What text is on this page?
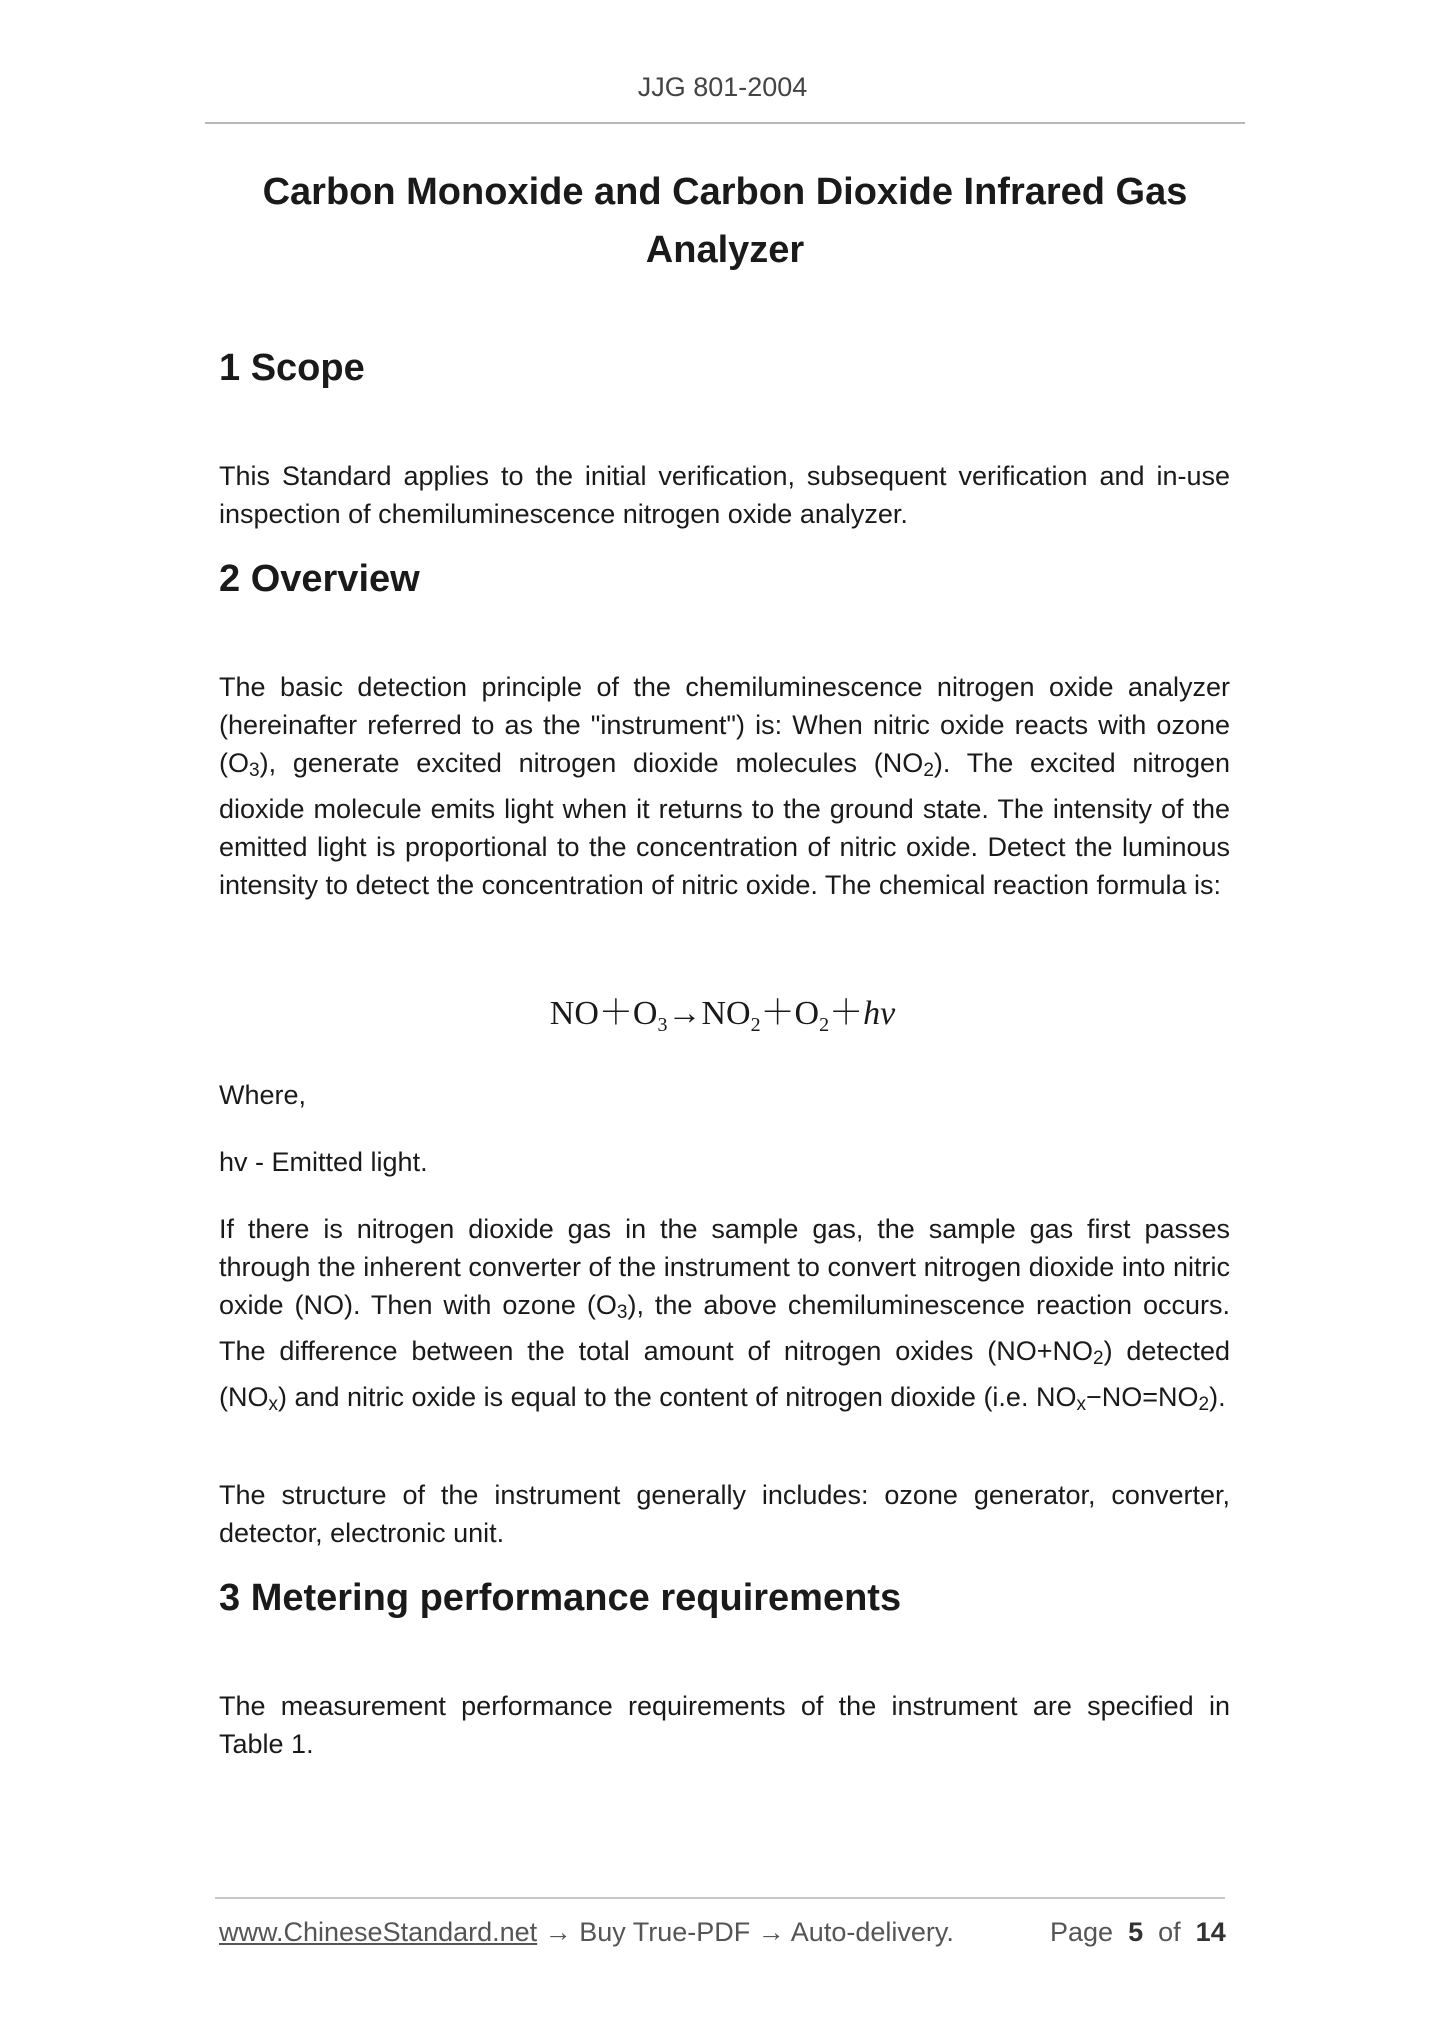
JJG 801-2004
Carbon Monoxide and Carbon Dioxide Infrared Gas
Analyzer
1 Scope

This Standard applies to the initial verification, subsequent verification and in-use inspection of chemiluminescence nitrogen oxide analyzer.

2 Overview

The basic detection principle of the chemiluminescence nitrogen oxide analyzer (hereinafter referred to as the "instrument") is: When nitric oxide reacts with ozone $(O_3)$, generate excited nitrogen dioxide molecules $(NO_2)$. The excited nitrogen dioxide molecule emits light when it returns to the ground state. The intensity of the emitted light is proportional to the concentration of nitric oxide. Detect the luminous intensity to detect the concentration of nitric oxide. The chemical reaction formula is:

$NO+O_3\to NO_2+O_2+h\nu$

Where,

hv - Emitted light.

If there is nitrogen dioxide gas in the sample gas, the sample gas first passes through the inherent converter of the instrument to convert nitrogen dioxide into nitric oxide (NO). Then with ozone $(O_3)$, the above chemiluminescence reaction occurs. The difference between the total amount of nitrogen oxides $(NO+NO_2)$ detected $(NO_x)$ and nitric oxide is equal to the content of nitrogen dioxide (i.e. $NO_x-NO=NO_2$).

The structure of the instrument generally includes: ozone generator, converter, detector, electronic unit.

3 Metering performance requirements

The measurement performance requirements of the instrument are specified in Table 1.

www.ChineseStandard.net → Buy True-PDF → Auto-delivery.	Page 5 of 14
